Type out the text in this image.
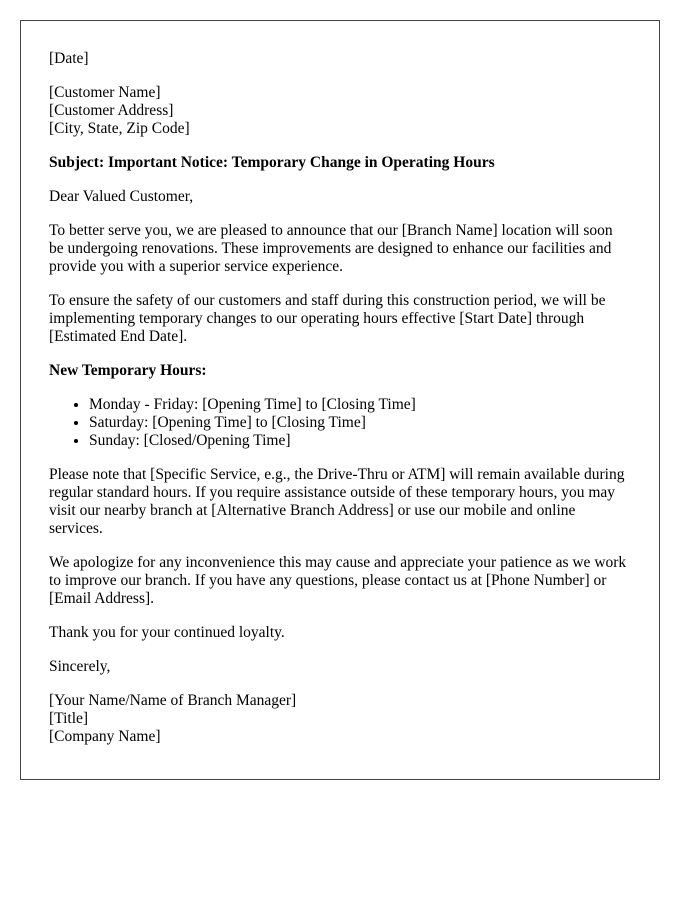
[Date]

[Customer Name]
[Customer Address]
[City, State, Zip Code]

Subject: Important Notice: Temporary Change in Operating Hours

Dear Valued Customer,

To better serve you, we are pleased to announce that our [Branch Name] location will soon be undergoing renovations. These improvements are designed to enhance our facilities and provide you with a superior service experience.

To ensure the safety of our customers and staff during this construction period, we will be implementing temporary changes to our operating hours effective [Start Date] through [Estimated End Date].

New Temporary Hours:

• Monday - Friday: [Opening Time] to [Closing Time]
• Saturday: [Opening Time] to [Closing Time]
• Sunday: [Closed/Opening Time]

Please note that [Specific Service, e.g., the Drive-Thru or ATM] will remain available during regular standard hours. If you require assistance outside of these temporary hours, you may visit our nearby branch at [Alternative Branch Address] or use our mobile and online services.

We apologize for any inconvenience this may cause and appreciate your patience as we work to improve our branch. If you have any questions, please contact us at [Phone Number] or [Email Address].

Thank you for your continued loyalty.

Sincerely,

[Your Name/Name of Branch Manager]
[Title]
[Company Name]
